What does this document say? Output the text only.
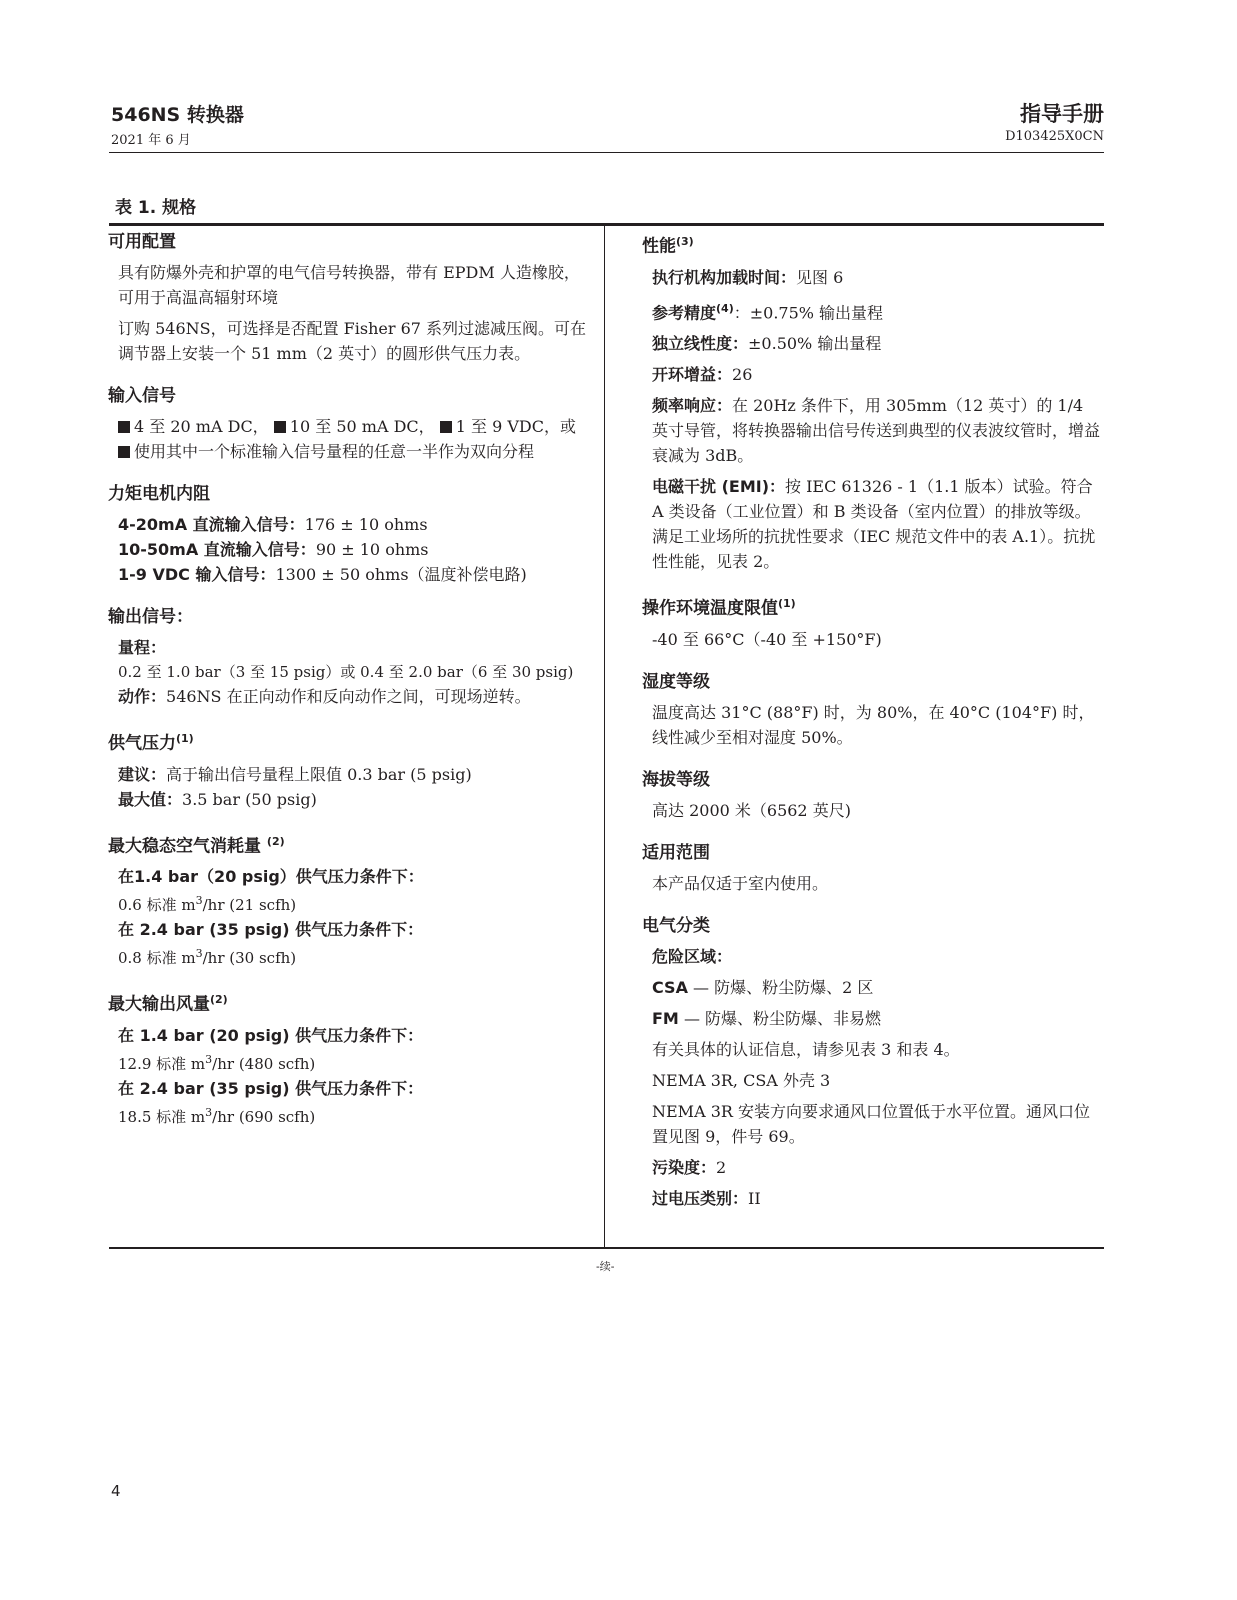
546NS 转换器
2021 年 6 月
指导手册
D103425X0CN
表 1. 规格
可用配置
具有防爆外壳和护罩的电气信号转换器，带有 EPDM 人造橡胶，可用于高温高辐射环境
订购 546NS，可选择是否配置 Fisher 67 系列过滤减压阀。可在调节器上安装一个 51 mm（2 英寸）的圆形供气压力表。
输入信号
4 至 20 mA DC， 10 至 50 mA DC， 1 至 9 VDC，或 使用其中一个标准输入信号量程的任意一半作为双向分程
力矩电机内阻
4-20mA 直流输入信号：176 ± 10 ohms
10-50mA 直流输入信号：90 ± 10 ohms
1-9 VDC 输入信号：1300 ± 50 ohms（温度补偿电路)
输出信号：
量程：
0.2 至 1.0 bar（3 至 15 psig）或 0.4 至 2.0 bar（6 至 30 psig)
动作：546NS 在正向动作和反向动作之间，可现场逆转。
供气压力$^{(1)}$
建议：高于输出信号量程上限值 0.3 bar (5 psig)
最大值：3.5 bar (50 psig)
最大稳态空气消耗量 $^{(2)}$
在1.4 bar（20 psig）供气压力条件下：
0.6 标准 $m^3/hr$ (21 scfh)
在 2.4 bar (35 psig) 供气压力条件下：
0.8 标准 $m^3/hr$ (30 scfh)
最大输出风量$^{(2)}$
在 1.4 bar (20 psig) 供气压力条件下：
12.9 标准 $m^3/hr$ (480 scfh)
在 2.4 bar (35 psig) 供气压力条件下：
18.5 标准 $m^3/hr$ (690 scfh)
性能$^{(3)}$
执行机构加载时间：见图 6
参考精度$^{(4)}$：±0.75% 输出量程
独立线性度：±0.50% 输出量程
开环增益：26
频率响应：在 20Hz 条件下，用 305mm（12 英寸）的 1/4 英寸导管，将转换器输出信号传送到典型的仪表波纹管时，增益衰减为 3dB。
电磁干扰 (EMI)：按 IEC 61326 - 1（1.1 版本）试验。符合 A 类设备（工业位置）和 B 类设备（室内位置）的排放等级。满足工业场所的抗扰性要求（IEC 规范文件中的表 A.1）。抗扰性性能，见表 2。
操作环境温度限值$^{(1)}$
-40 至 66°C（-40 至 +150°F)
湿度等级
温度高达 31°C (88°F) 时，为 80%，在 40°C (104°F) 时，线性减少至相对湿度 50%。
海拔等级
高达 2000 米（6562 英尺)
适用范围
本产品仅适于室内使用。
电气分类
危险区域：
CSA — 防爆、粉尘防爆、2 区
FM — 防爆、粉尘防爆、非易燃
有关具体的认证信息，请参见表 3 和表 4。
NEMA 3R, CSA 外壳 3
NEMA 3R 安装方向要求通风口位置低于水平位置。通风口位置见图 9，件号 69。
污染度：2
过电压类别：II
-续-
4
